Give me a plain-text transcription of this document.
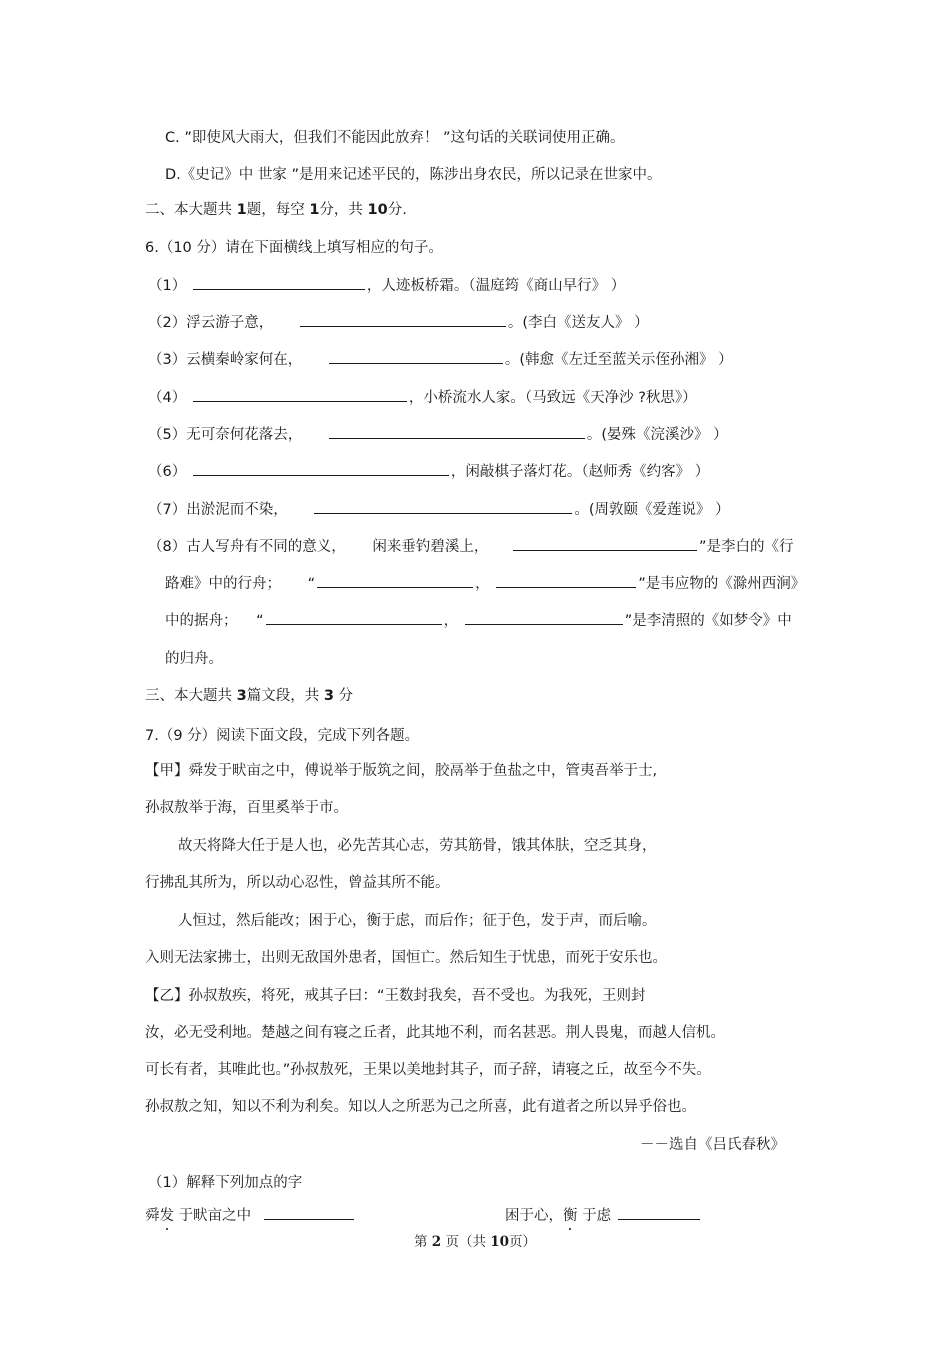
C. ”即使风大雨大，但我们不能因此放弃！ ”这句话的关联词使用正确。
D.《史记》中 世家 ”是用来记述平民的，陈涉出身农民，所以记录在世家中。
二、本大题共 1题，每空 1分，共 10分.
6.（10 分）请在下面横线上填写相应的句子。
（1）	，人迹板桥霜。（温庭筠《商山早行》 ）
（2）浮云游子意，	。(李白《送友人》 ）
（3）云横秦岭家何在，	。(韩愈《左迁至蓝关示侄孙湘》 ）
（4）	，小桥流水人家。（马致远《天净沙 ?秋思》）
（5）无可奈何花落去，	。(晏殊《浣溪沙》 ）
（6）	，闲敲棋子落灯花。（赵师秀《约客》 ）
（7）出淤泥而不染，	。(周敦颐《爱莲说》 ）
（8）古人写舟有不同的意义， 闲来垂钓碧溪上，	”是李白的《行
路难》中的行舟； “	，	”是韦应物的《滁州西涧》
中的据舟； “	，	”是李清照的《如梦令》中
的归舟。
三、本大题共 3篇文段，共 3 分
7.（9 分）阅读下面文段，完成下列各题。
【甲】舜发于畎亩之中，傅说举于版筑之间，胶鬲举于鱼盐之中，管夷吾举于士,
孙叔敖举于海，百里奚举于市。
故天将降大任于是人也，必先苦其心志，劳其筋骨，饿其体肤，空乏其身，
行拂乱其所为，所以动心忍性，曾益其所不能。
人恒过，然后能改；困于心，衡于虑，而后作；征于色，发于声，而后喻。
入则无法家拂士，出则无敌国外患者，国恒亡。然后知生于忧患，而死于安乐也。
【乙】孙叔敖疾，将死，戒其子曰：“王数封我矣，吾不受也。为我死，王则封
汝，必无受利地。楚越之间有寝之丘者，此其地不利，而名甚恶。荆人畏鬼，而越人信机。
可长有者，其唯此也。”孙叔敖死，王果以美地封其子，而子辞，请寝之丘，故至今不失。
孙叔敖之知，知以不利为利矣。知以人之所恶为己之所喜，此有道者之所以异乎俗也。
－－选自《吕氏春秋》
（1）解释下列加点的字
舜发 于畎亩之中	困于心，衡 于虑
第 2 页（共 10页）
